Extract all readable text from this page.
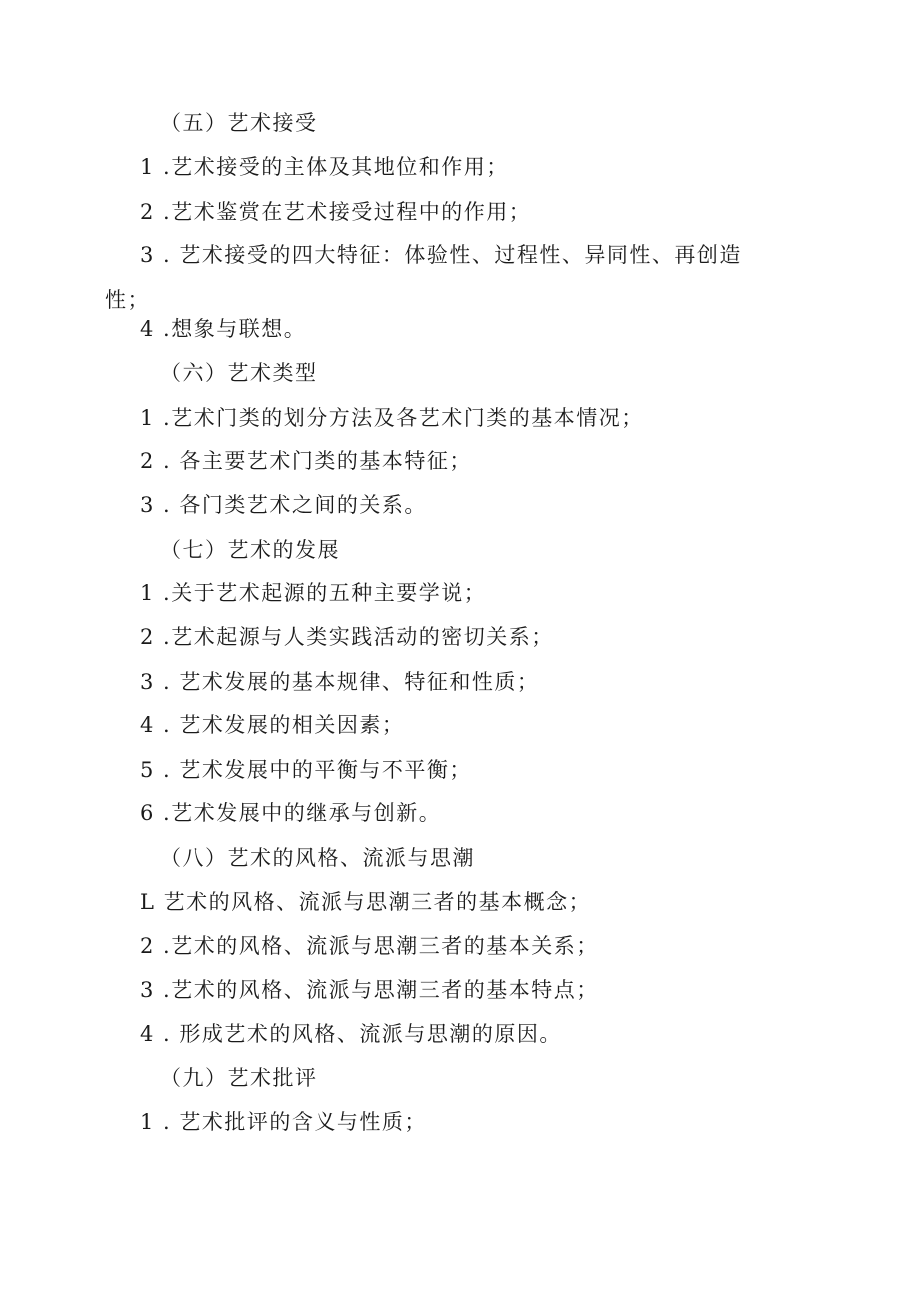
（五）艺术接受
1 .艺术接受的主体及其地位和作用；
2 .艺术鉴赏在艺术接受过程中的作用；
3 . 艺术接受的四大特征：体验性、过程性、异同性、再创造
性；
4 .想象与联想。
（六）艺术类型
1 .艺术门类的划分方法及各艺术门类的基本情况；
2 . 各主要艺术门类的基本特征；
3 . 各门类艺术之间的关系。
（七）艺术的发展
1 .关于艺术起源的五种主要学说；
2 .艺术起源与人类实践活动的密切关系；
3 . 艺术发展的基本规律、特征和性质；
4 . 艺术发展的相关因素；
5 . 艺术发展中的平衡与不平衡；
6 .艺术发展中的继承与创新。
（八）艺术的风格、流派与思潮
L 艺术的风格、流派与思潮三者的基本概念；
2 .艺术的风格、流派与思潮三者的基本关系；
3 .艺术的风格、流派与思潮三者的基本特点；
4 . 形成艺术的风格、流派与思潮的原因。
（九）艺术批评
1 . 艺术批评的含义与性质；
